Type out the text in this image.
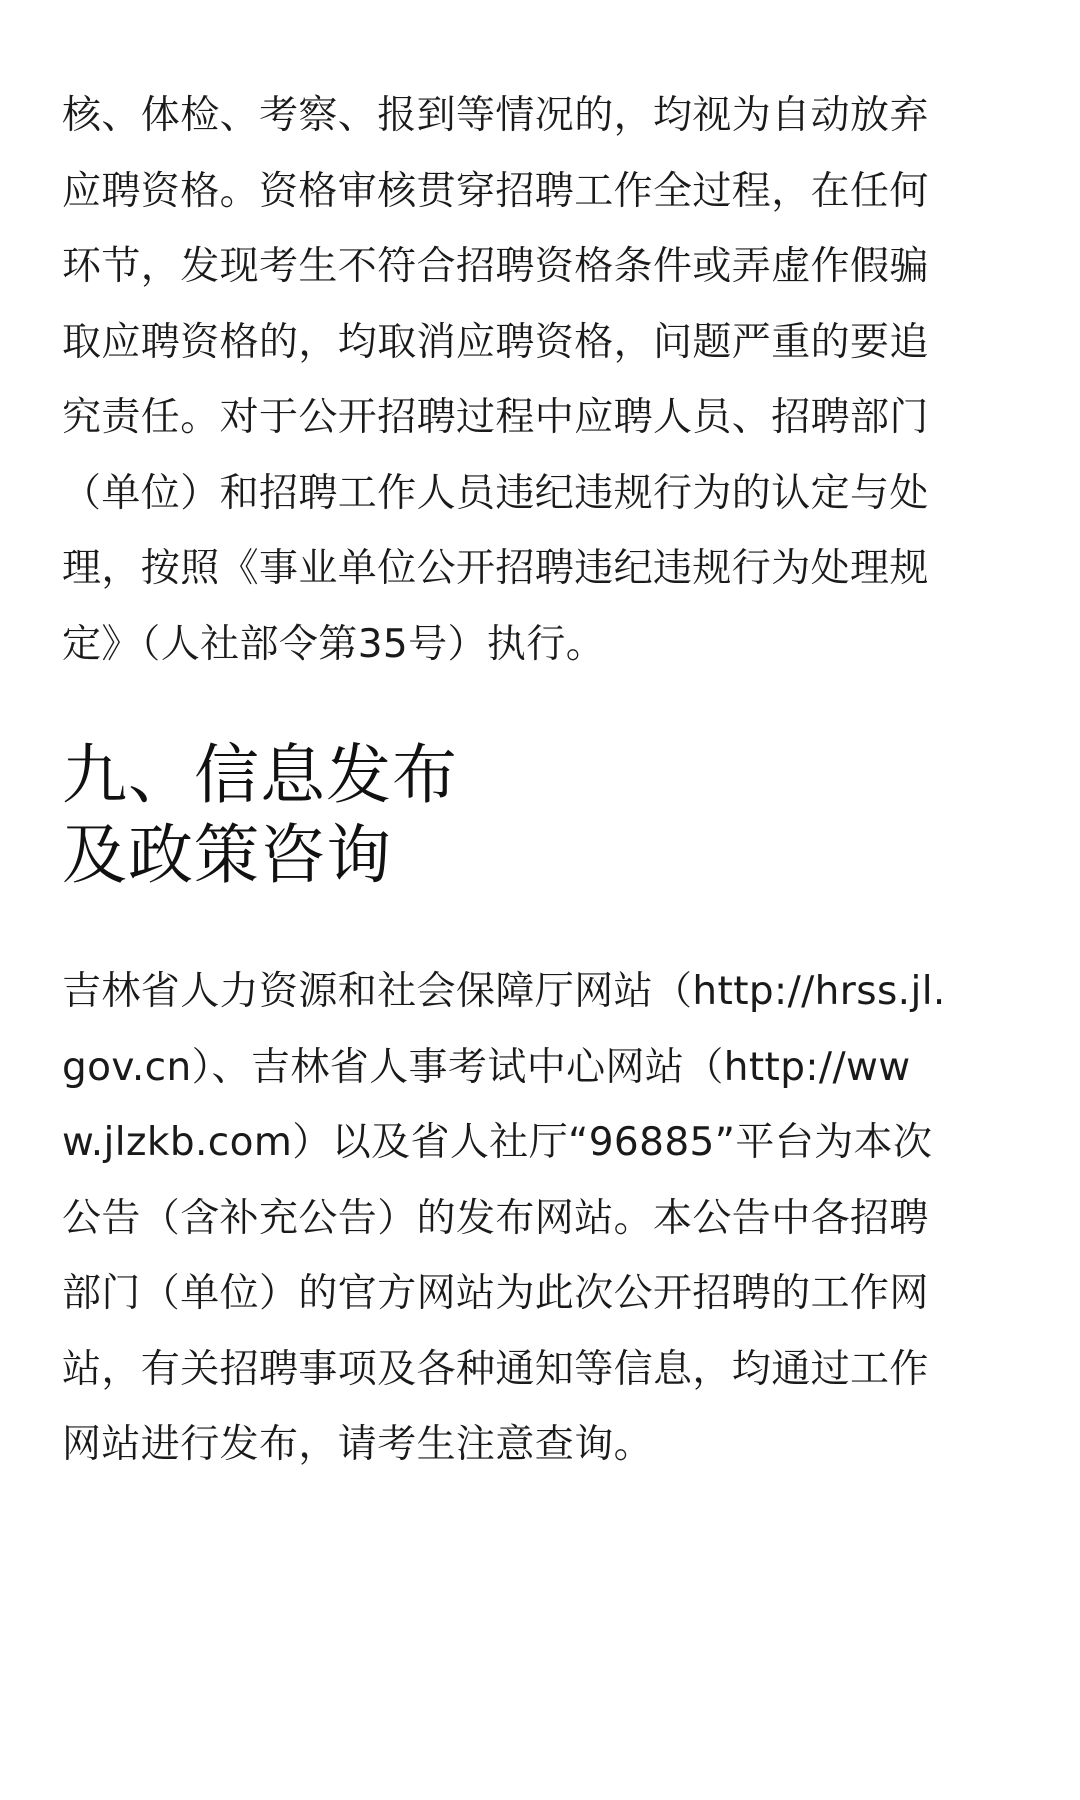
核、体检、考察、报到等情况的，均视为自动放弃
应聘资格。资格审核贯穿招聘工作全过程，在任何
环节，发现考生不符合招聘资格条件或弄虚作假骗
取应聘资格的，均取消应聘资格，问题严重的要追
究责任。对于公开招聘过程中应聘人员、招聘部门
（单位）和招聘工作人员违纪违规行为的认定与处
理，按照《事业单位公开招聘违纪违规行为处理规
定》（人社部令第35号）执行。

九、信息发布
及政策咨询

吉林省人力资源和社会保障厅网站（http://hrss.jl.
gov.cn）、吉林省人事考试中心网站（http://ww
w.jlzkb.com）以及省人社厅“96885”平台为本次
公告（含补充公告）的发布网站。本公告中各招聘
部门（单位）的官方网站为此次公开招聘的工作网
站，有关招聘事项及各种通知等信息，均通过工作
网站进行发布，请考生注意查询。
